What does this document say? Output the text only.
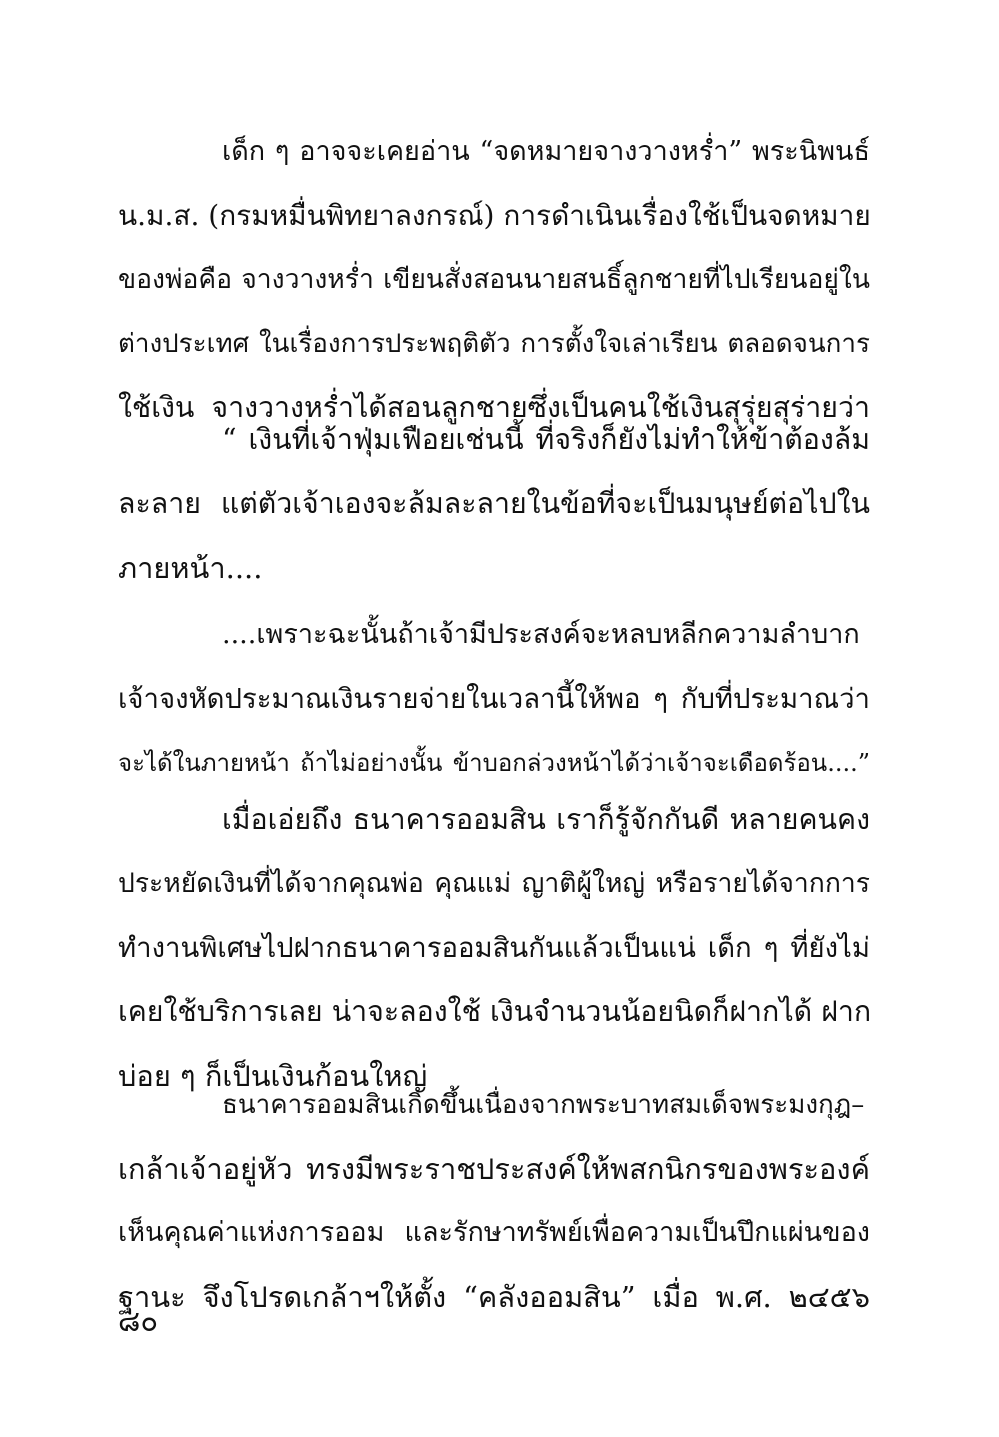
เด็ก ๆ อาจจะเคยอ่าน “จดหมายจางวางหร่ำ” พระนิพนธ์
น.ม.ส. (กรมหมื่นพิทยาลงกรณ์) การดำเนินเรื่องใช้เป็นจดหมาย
ของพ่อคือ จางวางหร่ำ เขียนสั่งสอนนายสนธิ์ลูกชายที่ไปเรียนอยู่ใน
ต่างประเทศ ในเรื่องการประพฤติตัว การตั้งใจเล่าเรียน ตลอดจนการ
ใช้เงิน จางวางหร่ำได้สอนลูกชายซึ่งเป็นคนใช้เงินสุรุ่ยสุร่ายว่า
“ เงินที่เจ้าฟุ่มเฟือยเช่นนี้ ที่จริงก็ยังไม่ทำให้ข้าต้องล้ม
ละลาย แต่ตัวเจ้าเองจะล้มละลายในข้อที่จะเป็นมนุษย์ต่อไปใน
ภายหน้า....
....เพราะฉะนั้นถ้าเจ้ามีประสงค์จะหลบหลีกความลำบาก
เจ้าจงหัดประมาณเงินรายจ่ายในเวลานี้ให้พอ ๆ กับที่ประมาณว่า
จะได้ในภายหน้า ถ้าไม่อย่างนั้น ข้าบอกล่วงหน้าได้ว่าเจ้าจะเดือดร้อน....”
เมื่อเอ่ยถึง ธนาคารออมสิน เราก็รู้จักกันดี หลายคนคง
ประหยัดเงินที่ได้จากคุณพ่อ คุณแม่ ญาติผู้ใหญ่ หรือรายได้จากการ
ทำงานพิเศษไปฝากธนาคารออมสินกันแล้วเป็นแน่ เด็ก ๆ ที่ยังไม่
เคยใช้บริการเลย น่าจะลองใช้ เงินจำนวนน้อยนิดก็ฝากได้ ฝาก
บ่อย ๆ ก็เป็นเงินก้อนใหญ่
ธนาคารออมสินเกิดขึ้นเนื่องจากพระบาทสมเด็จพระมงกุฎ–
เกล้าเจ้าอยู่หัว ทรงมีพระราชประสงค์ให้พสกนิกรของพระองค์
เห็นคุณค่าแห่งการออม และรักษาทรัพย์เพื่อความเป็นปึกแผ่นของ
ฐานะ จึงโปรดเกล้าฯให้ตั้ง “คลังออมสิน” เมื่อ พ.ศ. ๒๔๕๖
๘๐
